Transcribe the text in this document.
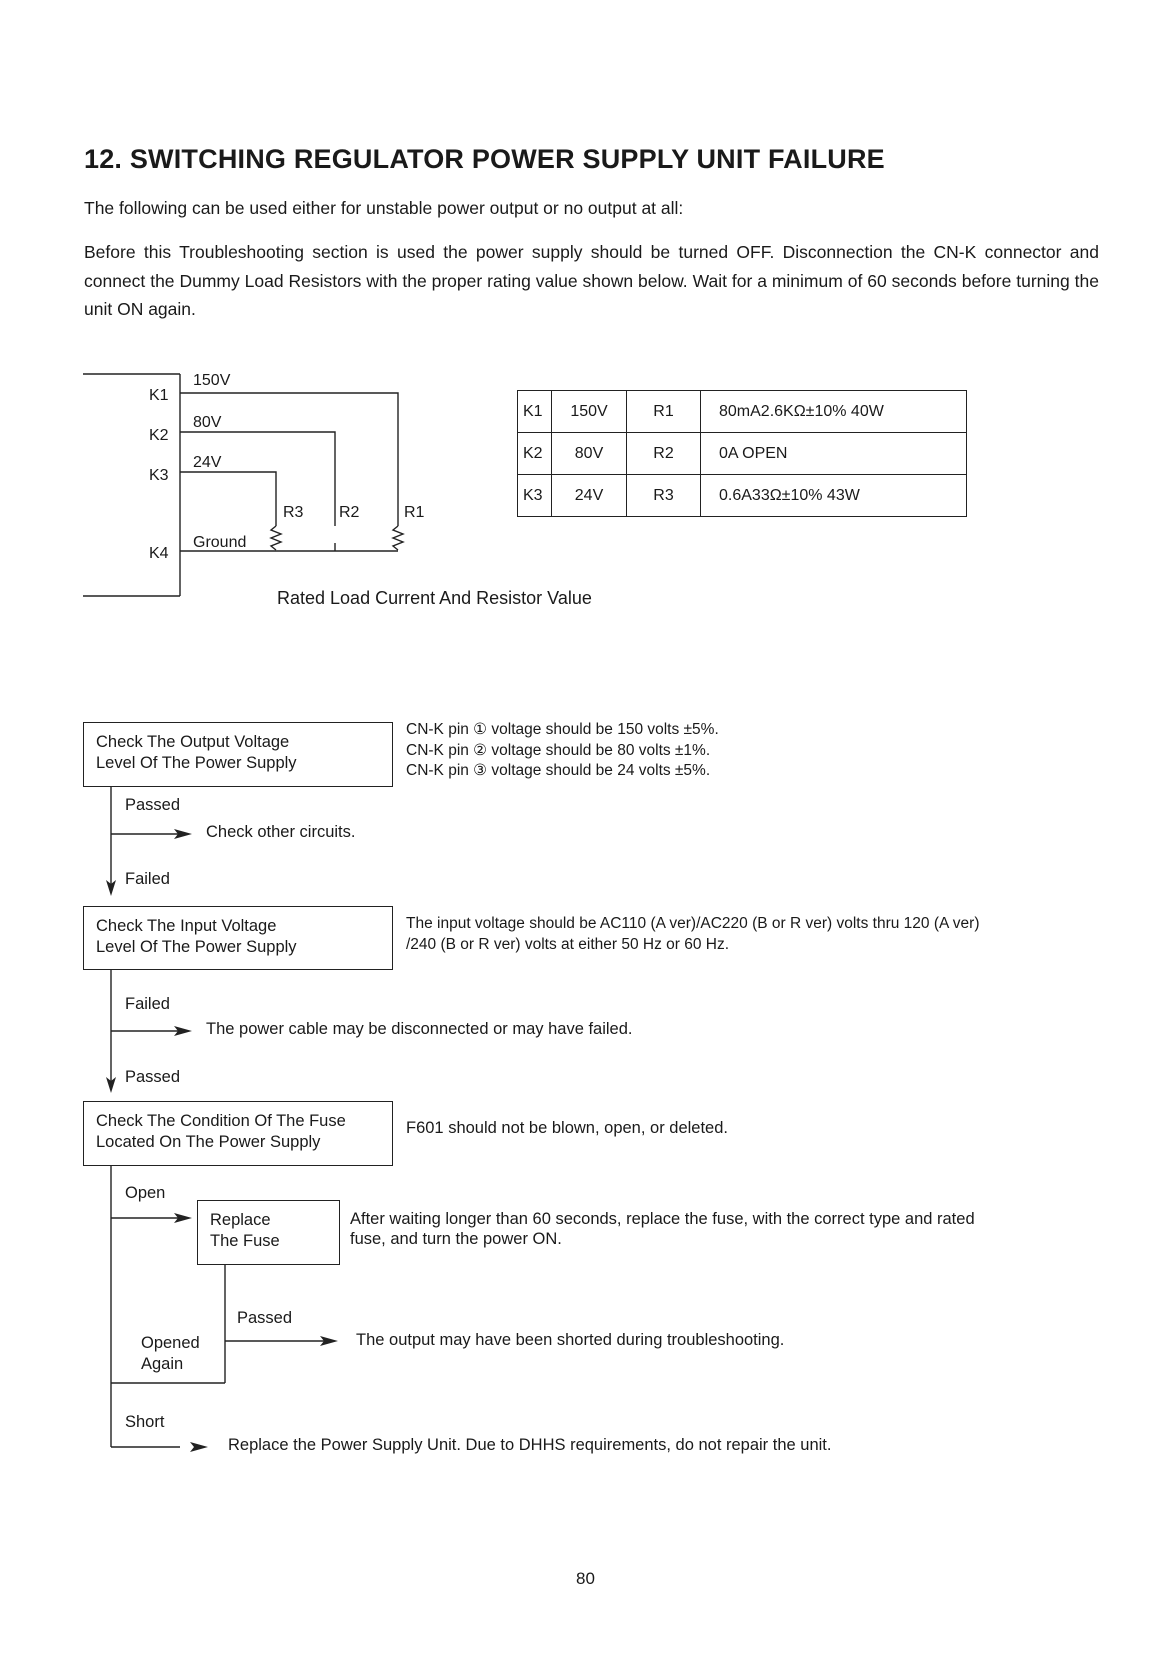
12. SWITCHING REGULATOR POWER SUPPLY UNIT FAILURE
The following can be used either for unstable power output or no output at all:
Before this Troubleshooting section is used the power supply should be turned OFF. Disconnection the CN-K connector and connect the Dummy Load Resistors with the proper rating value shown below. Wait for a minimum of 60 seconds before turning the unit ON again.
K1
K2
K3
K4
150V
80V
24V
Ground
R3 R2	R1
K1	150V	R1	80mA2.6KΩ±10% 40W
K2	80V	R2	0A OPEN
K3	24V	R3	0.6A33Ω±10% 43W
Rated Load Current And Resistor Value
Check The Output Voltage
Level Of The Power Supply
CN-K pin ① voltage should be 150 volts ±5%.
CN-K pin ② voltage should be 80 volts ±1%.
CN-K pin ③ voltage should be 24 volts ±5%.
Passed
Check other circuits.
Failed
Check The Input Voltage
Level Of The Power Supply
The input voltage should be AC110 (A ver)/AC220 (B or R ver) volts thru 120 (A ver)
/240 (B or R ver) volts at either 50 Hz or 60 Hz.
Failed
The power cable may be disconnected or may have failed.
Passed
Check The Condition Of The Fuse
Located On The Power Supply
F601 should not be blown, open, or deleted.
Open
Replace
The Fuse
After waiting longer than 60 seconds, replace the fuse, with the correct type and rated
fuse, and turn the power ON.
Passed
The output may have been shorted during troubleshooting.
Opened
Again
Short
Replace the Power Supply Unit. Due to DHHS requirements, do not repair the unit.
80
